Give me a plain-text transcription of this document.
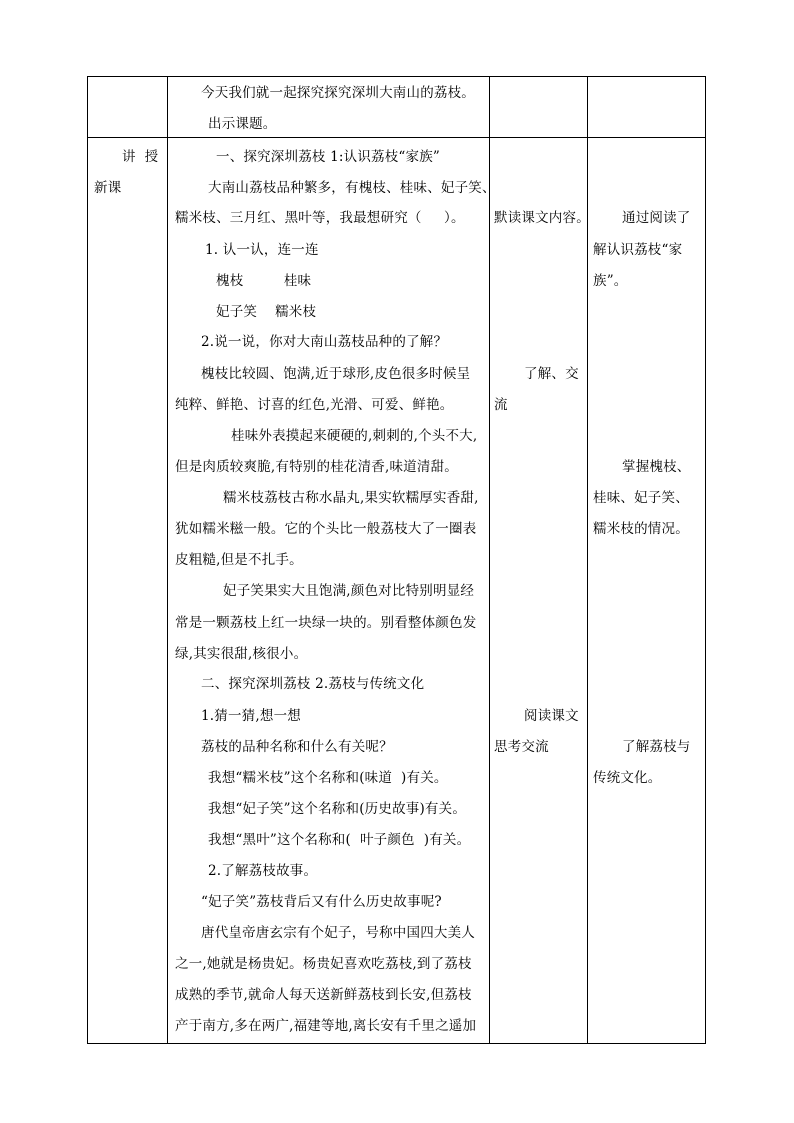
今天我们就一起探究探究深圳大南山的荔枝。
出示课题。
讲  授
新课
一、探究深圳荔枝 1:认识荔枝“家族”
大南山荔枝品种繁多，有槐枝、桂味、妃子笑、
糯米枝、三月红、黑叶等，我最想研究（     ）。
1. 认一认，连一连
槐枝         桂味
妃子笑    糯米枝
2.说一说，你对大南山荔枝品种的了解？
槐枝比较圆、饱满,近于球形,皮色很多时候呈
纯粹、鲜艳、讨喜的红色,光滑、可爱、鲜艳。
桂味外表摸起来硬硬的,刺刺的,个头不大,
但是肉质较爽脆,有特别的桂花清香,味道清甜。
糯米枝荔枝古称水晶丸,果实软糯厚实香甜,
犹如糯米糍一般。它的个头比一般荔枝大了一圈表
皮粗糙,但是不扎手。
妃子笑果实大且饱满,颜色对比特别明显经
常是一颗荔枝上红一块绿一块的。别看整体颜色发
绿,其实很甜,核很小。
二、探究深圳荔枝 2.荔枝与传统文化
1.猜一猜,想一想
荔枝的品种名称和什么有关呢？
我想“糯米枝”这个名称和(味道  )有关。
我想“妃子笑”这个名称和(历史故事)有关。
我想“黑叶”这个名称和(  叶子颜色  )有关。
2.了解荔枝故事。
“妃子笑”荔枝背后又有什么历史故事呢?
唐代皇帝唐玄宗有个妃子，号称中国四大美人
之一,她就是杨贵妃。杨贵妃喜欢吃荔枝,到了荔枝
成熟的季节,就命人每天送新鲜荔枝到长安,但荔枝
产于南方,多在两广,福建等地,离长安有千里之遥加
默读课文内容。
了解、交
流
阅读课文
思考交流
通过阅读了
解认识荔枝“家
族”。
掌握槐枝、
桂味、妃子笑、
糯米枝的情况。
了解荔枝与
传统文化。
